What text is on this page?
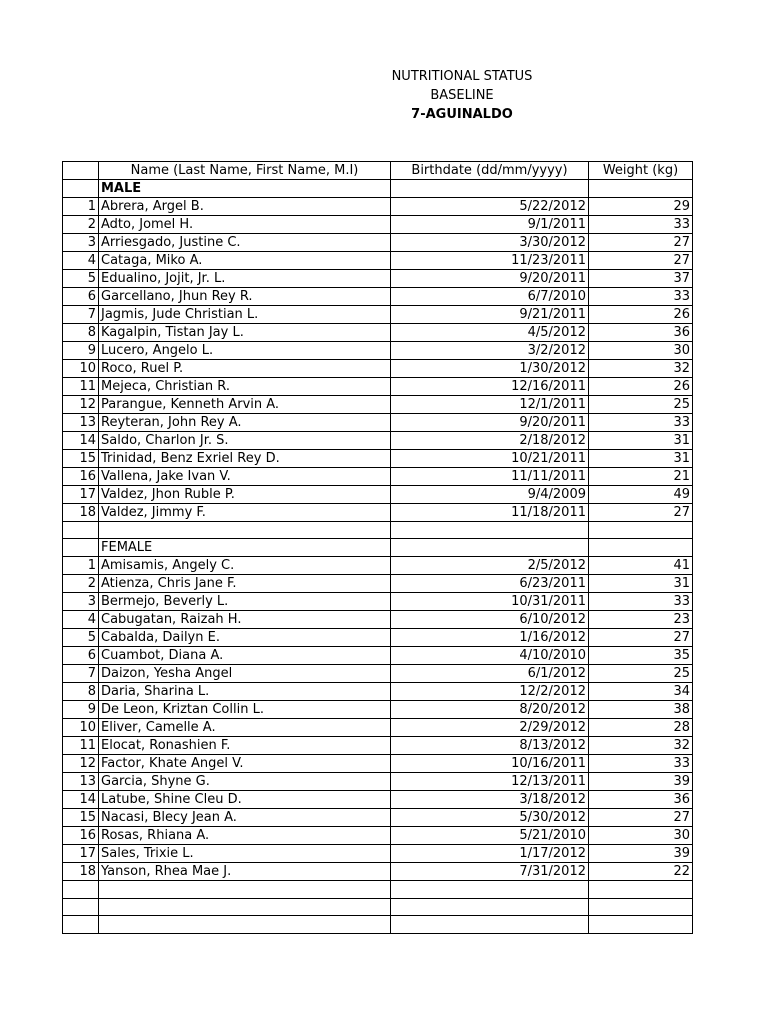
NUTRITIONAL STATUS
BASELINE
7-AGUINALDO
	Name (Last Name, First Name, M.I)	Birthdate (dd/mm/yyyy)	Weight (kg)
	MALE		
1	Abrera, Argel B.	5/22/2012	29
2	Adto, Jomel H.	9/1/2011	33
3	Arriesgado, Justine C.	3/30/2012	27
4	Cataga, Miko A.	11/23/2011	27
5	Edualino, Jojit, Jr. L.	9/20/2011	37
6	Garcellano, Jhun Rey R.	6/7/2010	33
7	Jagmis, Jude Christian L.	9/21/2011	26
8	Kagalpin, Tistan Jay L.	4/5/2012	36
9	Lucero, Angelo L.	3/2/2012	30
10	Roco, Ruel P.	1/30/2012	32
11	Mejeca, Christian R.	12/16/2011	26
12	Parangue, Kenneth Arvin A.	12/1/2011	25
13	Reyteran, John Rey A.	9/20/2011	33
14	Saldo, Charlon Jr. S.	2/18/2012	31
15	Trinidad, Benz Exriel Rey D.	10/21/2011	31
16	Vallena, Jake Ivan V.	11/11/2011	21
17	Valdez, Jhon Ruble P.	9/4/2009	49
18	Valdez, Jimmy F.	11/18/2011	27

	FEMALE		
1	Amisamis, Angely C.	2/5/2012	41
2	Atienza, Chris Jane F.	6/23/2011	31
3	Bermejo, Beverly L.	10/31/2011	33
4	Cabugatan, Raizah H.	6/10/2012	23
5	Cabalda, Dailyn E.	1/16/2012	27
6	Cuambot, Diana A.	4/10/2010	35
7	Daizon, Yesha Angel	6/1/2012	25
8	Daria, Sharina L.	12/2/2012	34
9	De Leon, Kriztan Collin L.	8/20/2012	38
10	Eliver, Camelle A.	2/29/2012	28
11	Elocat, Ronashien F.	8/13/2012	32
12	Factor, Khate Angel V.	10/16/2011	33
13	Garcia, Shyne G.	12/13/2011	39
14	Latube, Shine Cleu D.	3/18/2012	36
15	Nacasi, Blecy Jean A.	5/30/2012	27
16	Rosas, Rhiana A.	5/21/2010	30
17	Sales, Trixie L.	1/17/2012	39
18	Yanson, Rhea Mae J.	7/31/2012	22
